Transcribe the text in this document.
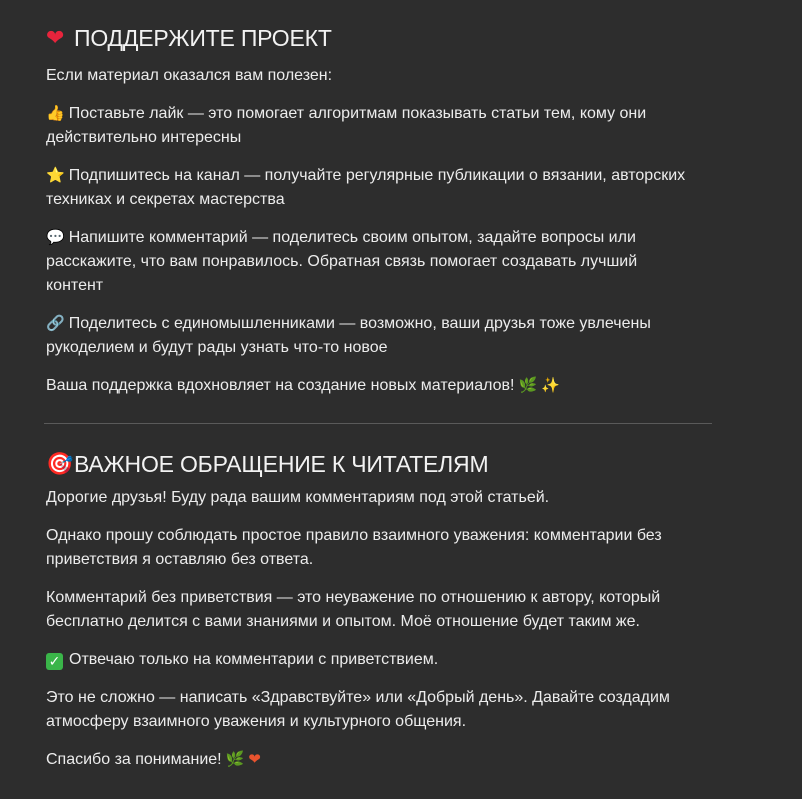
❤ ПОДДЕРЖИТЕ ПРОЕКТ

Если материал оказался вам полезен:

👍 Поставьте лайк — это помогает алгоритмам показывать статьи тем, кому они
действительно интересны

⭐ Подпишитесь на канал — получайте регулярные публикации о вязании, авторских
техниках и секретах мастерства

💬 Напишите комментарий — поделитесь своим опытом, задайте вопросы или
расскажите, что вам понравилось. Обратная связь помогает создавать лучший
контент

🔗 Поделитесь с единомышленниками — возможно, ваши друзья тоже увлечены
рукоделием и будут рады узнать что-то новое

Ваша поддержка вдохновляет на создание новых материалов! 🌿 ✨

🎯 ВАЖНОЕ ОБРАЩЕНИЕ К ЧИТАТЕЛЯМ

Дорогие друзья! Буду рада вашим комментариям под этой статьей.

Однако прошу соблюдать простое правило взаимного уважения: комментарии без
приветствия я оставляю без ответа.

Комментарий без приветствия — это неуважение по отношению к автору, который
бесплатно делится с вами знаниями и опытом. Моё отношение будет таким же.

✓ Отвечаю только на комментарии с приветствием.

Это не сложно — написать «Здравствуйте» или «Добрый день». Давайте создадим
атмосферу взаимного уважения и культурного общения.

Спасибо за понимание! 🌿 ❤
